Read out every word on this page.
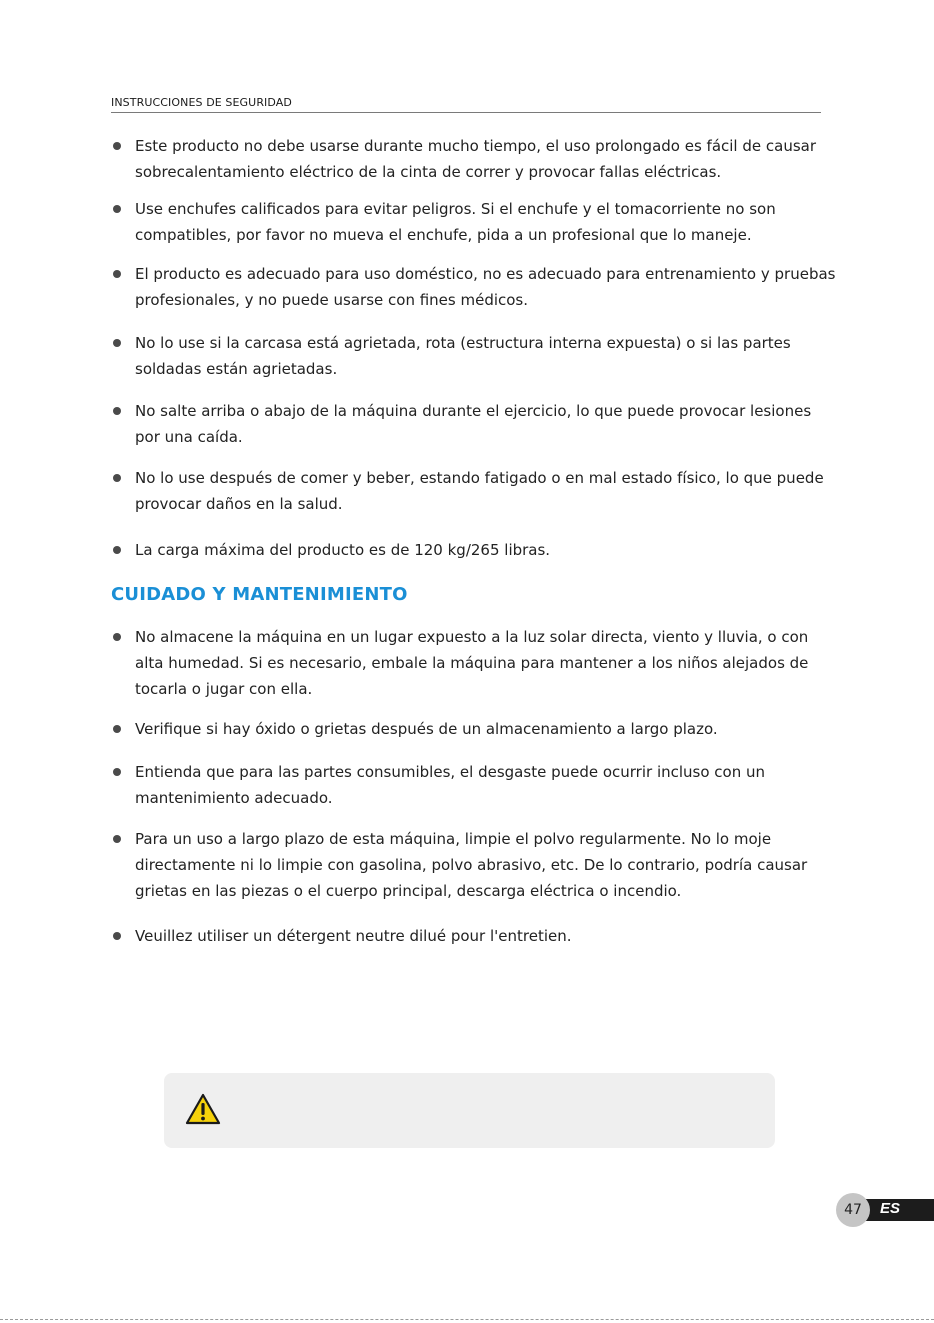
INSTRUCCIONES DE SEGURIDAD
Este producto no debe usarse durante mucho tiempo, el uso prolongado es fácil de causar sobrecalentamiento eléctrico de la cinta de correr y provocar fallas eléctricas.
Use enchufes calificados para evitar peligros. Si el enchufe y el tomacorriente no son compatibles, por favor no mueva el enchufe, pida a un profesional que lo maneje.
El producto es adecuado para uso doméstico, no es adecuado para entrenamiento y pruebas profesionales, y no puede usarse con fines médicos.
No lo use si la carcasa está agrietada, rota (estructura interna expuesta) o si las partes soldadas están agrietadas.
No salte arriba o abajo de la máquina durante el ejercicio, lo que puede provocar lesiones por una caída.
No lo use después de comer y beber, estando fatigado o en mal estado físico, lo que puede provocar daños en la salud.
La carga máxima del producto es de 120 kg/265 libras.
CUIDADO Y MANTENIMIENTO
No almacene la máquina en un lugar expuesto a la luz solar directa, viento y lluvia, o con alta humedad. Si es necesario, embale la máquina para mantener a los niños alejados de tocarla o jugar con ella.
Verifique si hay óxido o grietas después de un almacenamiento a largo plazo.
Entienda que para las partes consumibles, el desgaste puede ocurrir incluso con un mantenimiento adecuado.
Para un uso a largo plazo de esta máquina, limpie el polvo regularmente. No lo moje directamente ni lo limpie con gasolina, polvo abrasivo, etc. De lo contrario, podría causar grietas en las piezas o el cuerpo principal, descarga eléctrica o incendio.
Veuillez utiliser un détergent neutre dilué pour l'entretien.
ES
47
